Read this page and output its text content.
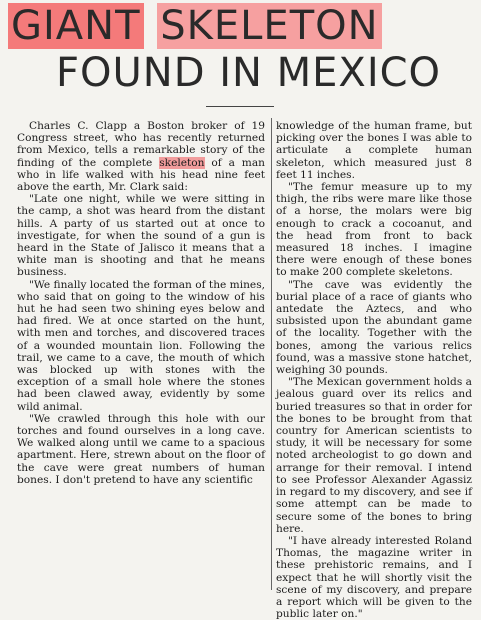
GIANT SKELETON
FOUND IN MEXICO

Charles C. Clapp a Boston broker of 19 Congress street, who has recently returned from Mexico, tells a remarkable story of the finding of the complete skeleton of a man who in life walked with his head nine feet above the earth, Mr. Clark said:

"Late one night, while we were sitting in the camp, a shot was heard from the distant hills. A party of us started out at once to investigate, for when the sound of a gun is heard in the State of Jalisco it means that a white man is shooting and that he means business.

"We finally located the forman of the mines, who said that on going to the window of his hut he had seen two shining eyes below and had fired. We at once started on the hunt, with men and torches, and discovered traces of a wounded mountain lion. Following the trail, we came to a cave, the mouth of which was blocked up with stones with the exception of a small hole where the stones had been clawed away, evidently by some wild animal.

"We crawled through this hole with our torches and found ourselves in a long cave. We walked along until we came to a spacious apartment. Here, strewn about on the floor of the cave were great numbers of human bones. I don't pretend to have any scientific

knowledge of the human frame, but picking over the bones I was able to articulate a complete human skeleton, which measured just 8 feet 11 inches.

"The femur measure up to my thigh, the ribs were mare like those of a horse, the molars were big enough to crack a cocoanut, and the head from front to back measured 18 inches. I imagine there were enough of these bones to make 200 complete skeletons.

"The cave was evidently the burial place of a race of giants who antedate the Aztecs, and who subsisted upon the abundant game of the locality. Together with the bones, among the various relics found, was a massive stone hatchet, weighing 30 pounds.

"The Mexican government holds a jealous guard over its relics and buried treasures so that in order for the bones to be brought from that country for American scientists to study, it will be necessary for some noted archeologist to go down and arrange for their removal. I intend to see Professor Alexander Agassiz in regard to my discovery, and see if some attempt can be made to secure some of the bones to bring here.

"I have already interested Roland Thomas, the magazine writer in these prehistoric remains, and I expect that he will shortly visit the scene of my discovery, and prepare a report which will be given to the public later on."
